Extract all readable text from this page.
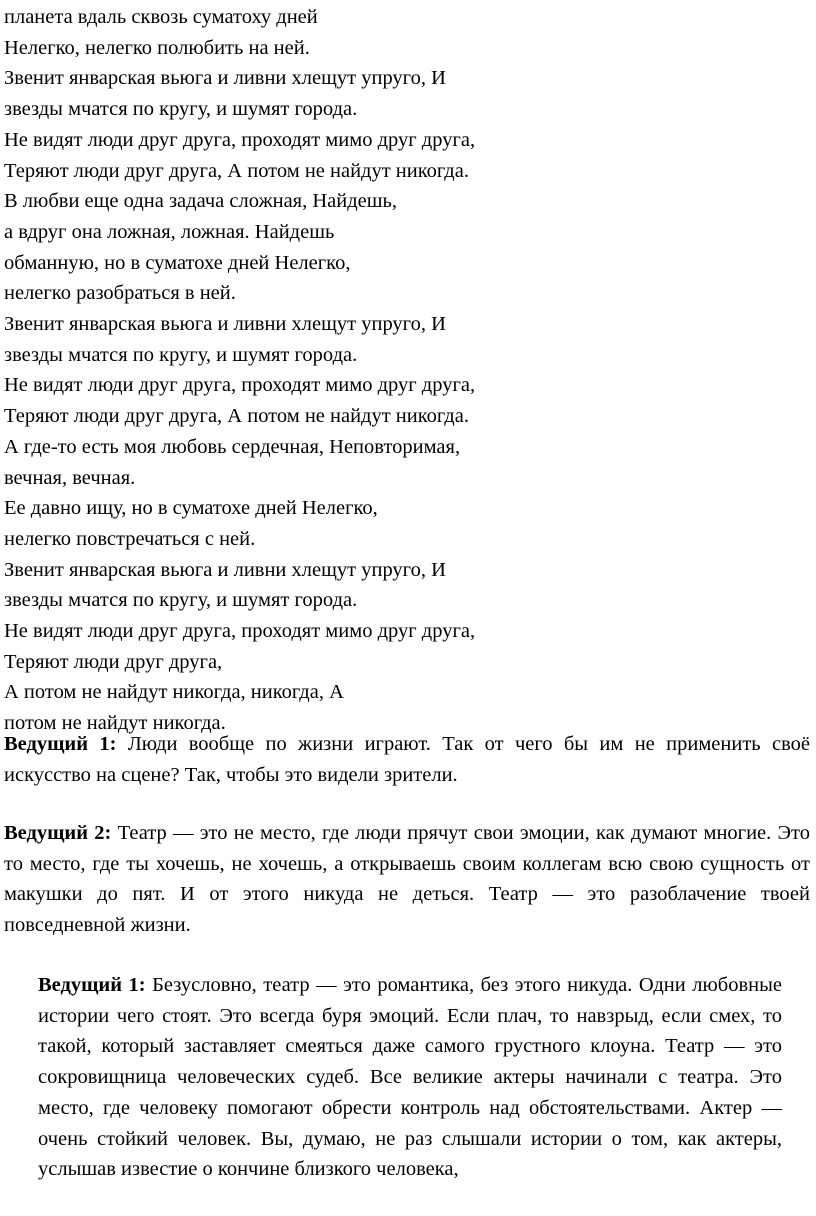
планета вдаль сквозь суматоху дней
Нелегко, нелегко полюбить на ней.
Звенит январская вьюга и ливни хлещут упруго, И
звезды мчатся по кругу, и шумят города.
Не видят люди друг друга, проходят мимо друг друга,
Теряют люди друг друга, А потом не найдут никогда.
В любви еще одна задача сложная, Найдешь,
а вдруг она ложная, ложная. Найдешь
обманную, но в суматохе дней Нелегко,
нелегко разобраться в ней.
Звенит январская вьюга и ливни хлещут упруго, И
звезды мчатся по кругу, и шумят города.
Не видят люди друг друга, проходят мимо друг друга,
Теряют люди друг друга, А потом не найдут никогда.
А где-то есть моя любовь сердечная, Неповторимая,
вечная, вечная.
Ее давно ищу, но в суматохе дней Нелегко,
нелегко повстречаться с ней.
Звенит январская вьюга и ливни хлещут упруго, И
звезды мчатся по кругу, и шумят города.
Не видят люди друг друга, проходят мимо друг друга,
Теряют люди друг друга,
А потом не найдут никогда, никогда, А
потом не найдут никогда.

Ведущий 1: Люди вообще по жизни играют. Так от чего бы им не применить своё искусство на сцене? Так, чтобы это видели зрители.

Ведущий 2: Театр — это не место, где люди прячут свои эмоции, как думают многие. Это то место, где ты хочешь, не хочешь, а открываешь своим коллегам всю свою сущность от макушки до пят. И от этого никуда не деться. Театр — это разоблачение твоей повседневной жизни.

Ведущий 1: Безусловно, театр — это романтика, без этого никуда. Одни любовные истории чего стоят. Это всегда буря эмоций. Если плач, то навзрыд, если смех, то такой, который заставляет смеяться даже самого грустного клоуна. Театр — это сокровищница человеческих судеб. Все великие актеры начинали с театра. Это место, где человеку помогают обрести контроль над обстоятельствами. Актер — очень стойкий человек. Вы, думаю, не раз слышали истории о том, как актеры, услышав известие о кончине близкого человека,
